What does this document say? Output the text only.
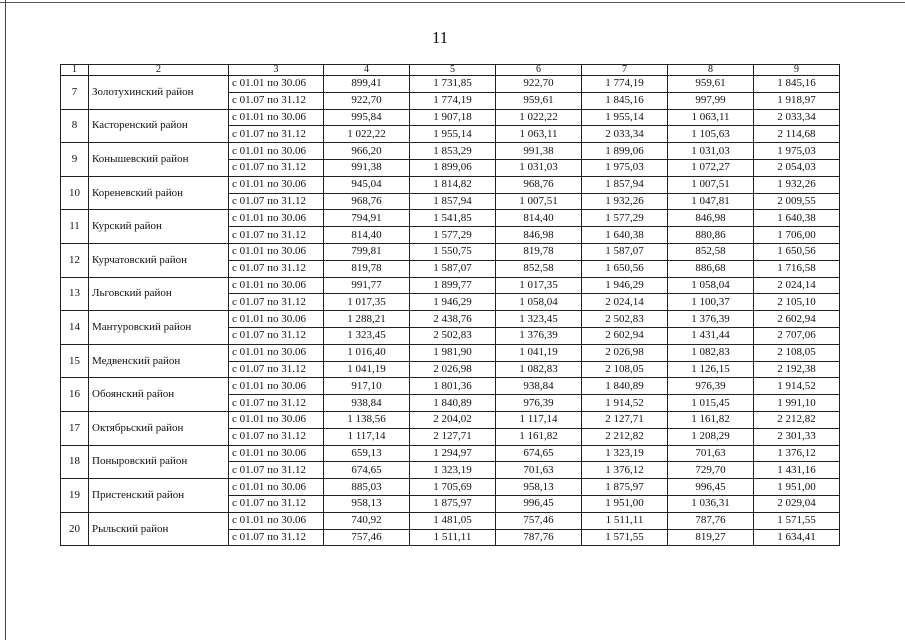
11
1	2	3	4	5	6	7	8	9
7	Золотухинский район	с 01.01 по 30.06	899,41	1 731,85	922,70	1 774,19	959,61	1 845,16
		с 01.07 по 31.12	922,70	1 774,19	959,61	1 845,16	997,99	1 918,97
8	Касторенский район	с 01.01 по 30.06	995,84	1 907,18	1 022,22	1 955,14	1 063,11	2 033,34
		с 01.07 по 31.12	1 022,22	1 955,14	1 063,11	2 033,34	1 105,63	2 114,68
9	Конышевский район	с 01.01 по 30.06	966,20	1 853,29	991,38	1 899,06	1 031,03	1 975,03
		с 01.07 по 31.12	991,38	1 899,06	1 031,03	1 975,03	1 072,27	2 054,03
10	Кореневский район	с 01.01 по 30.06	945,04	1 814,82	968,76	1 857,94	1 007,51	1 932,26
		с 01.07 по 31.12	968,76	1 857,94	1 007,51	1 932,26	1 047,81	2 009,55
11	Курский район	с 01.01 по 30.06	794,91	1 541,85	814,40	1 577,29	846,98	1 640,38
		с 01.07 по 31.12	814,40	1 577,29	846,98	1 640,38	880,86	1 706,00
12	Курчатовский район	с 01.01 по 30.06	799,81	1 550,75	819,78	1 587,07	852,58	1 650,56
		с 01.07 по 31.12	819,78	1 587,07	852,58	1 650,56	886,68	1 716,58
13	Льговский район	с 01.01 по 30.06	991,77	1 899,77	1 017,35	1 946,29	1 058,04	2 024,14
		с 01.07 по 31.12	1 017,35	1 946,29	1 058,04	2 024,14	1 100,37	2 105,10
14	Мантуровский район	с 01.01 по 30.06	1 288,21	2 438,76	1 323,45	2 502,83	1 376,39	2 602,94
		с 01.07 по 31.12	1 323,45	2 502,83	1 376,39	2 602,94	1 431,44	2 707,06
15	Медвенский район	с 01.01 по 30.06	1 016,40	1 981,90	1 041,19	2 026,98	1 082,83	2 108,05
		с 01.07 по 31.12	1 041,19	2 026,98	1 082,83	2 108,05	1 126,15	2 192,38
16	Обоянский район	с 01.01 по 30.06	917,10	1 801,36	938,84	1 840,89	976,39	1 914,52
		с 01.07 по 31.12	938,84	1 840,89	976,39	1 914,52	1 015,45	1 991,10
17	Октябрьский район	с 01.01 по 30.06	1 138,56	2 204,02	1 117,14	2 127,71	1 161,82	2 212,82
		с 01.07 по 31.12	1 117,14	2 127,71	1 161,82	2 212,82	1 208,29	2 301,33
18	Поныровский район	с 01.01 по 30.06	659,13	1 294,97	674,65	1 323,19	701,63	1 376,12
		с 01.07 по 31.12	674,65	1 323,19	701,63	1 376,12	729,70	1 431,16
19	Пристенский район	с 01.01 по 30.06	885,03	1 705,69	958,13	1 875,97	996,45	1 951,00
		с 01.07 по 31.12	958,13	1 875,97	996,45	1 951,00	1 036,31	2 029,04
20	Рыльский район	с 01.01 по 30.06	740,92	1 481,05	757,46	1 511,11	787,76	1 571,55
		с 01.07 по 31.12	757,46	1 511,11	787,76	1 571,55	819,27	1 634,41
